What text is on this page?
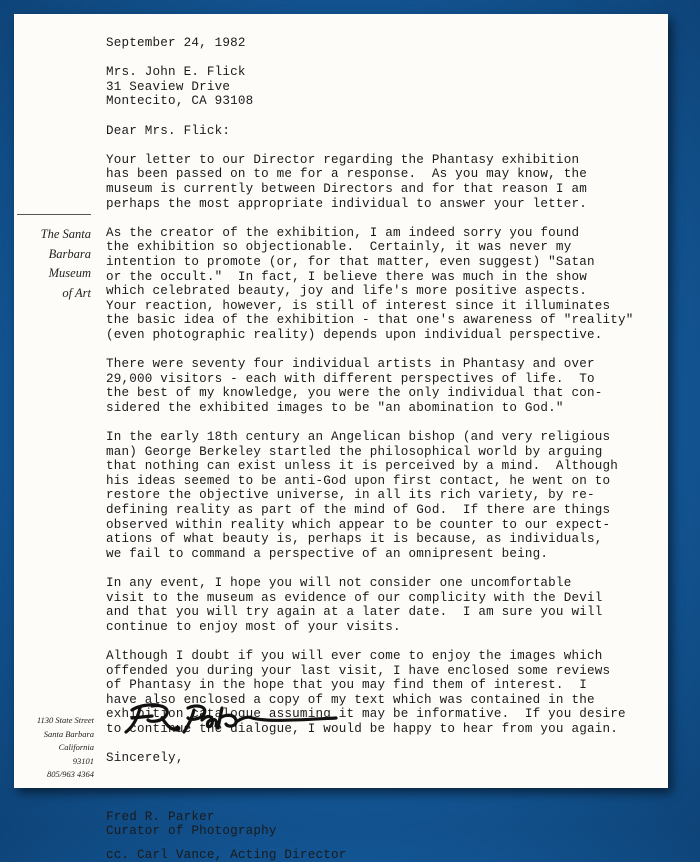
The Santa
Barbara
Museum
of Art
1130 State Street
Santa Barbara
California
93101
805/963 4364
September 24, 1982
Mrs. John E. Flick
31 Seaview Drive
Montecito, CA 93108
Dear Mrs. Flick:
Your letter to our Director regarding the Phantasy exhibition
has been passed on to me for a response.  As you may know, the
museum is currently between Directors and for that reason I am
perhaps the most appropriate individual to answer your letter.
As the creator of the exhibition, I am indeed sorry you found
the exhibition so objectionable.  Certainly, it was never my
intention to promote (or, for that matter, even suggest) "Satan
or the occult."  In fact, I believe there was much in the show
which celebrated beauty, joy and life's more positive aspects.
Your reaction, however, is still of interest since it illuminates
the basic idea of the exhibition - that one's awareness of "reality"
(even photographic reality) depends upon individual perspective.
There were seventy four individual artists in Phantasy and over
29,000 visitors - each with different perspectives of life.  To
the best of my knowledge, you were the only individual that con-
sidered the exhibited images to be "an abomination to God."
In the early 18th century an Angelican bishop (and very religious
man) George Berkeley startled the philosophical world by arguing
that nothing can exist unless it is perceived by a mind.  Although
his ideas seemed to be anti-God upon first contact, he went on to
restore the objective universe, in all its rich variety, by re-
defining reality as part of the mind of God.  If there are things
observed within reality which appear to be counter to our expect-
ations of what beauty is, perhaps it is because, as individuals,
we fail to command a perspective of an omnipresent being.
In any event, I hope you will not consider one uncomfortable
visit to the museum as evidence of our complicity with the Devil
and that you will try again at a later date.  I am sure you will
continue to enjoy most of your visits.
Although I doubt if you will ever come to enjoy the images which
offended you during your last visit, I have enclosed some reviews
of Phantasy in the hope that you may find them of interest.  I
have also enclosed a copy of my text which was contained in the
exhibition catalogue assuming it may be informative.  If you desire
to continue the dialogue, I would be happy to hear from you again.
Sincerely,
Fred R. Parker
Curator of Photography
cc. Carl Vance, Acting Director
